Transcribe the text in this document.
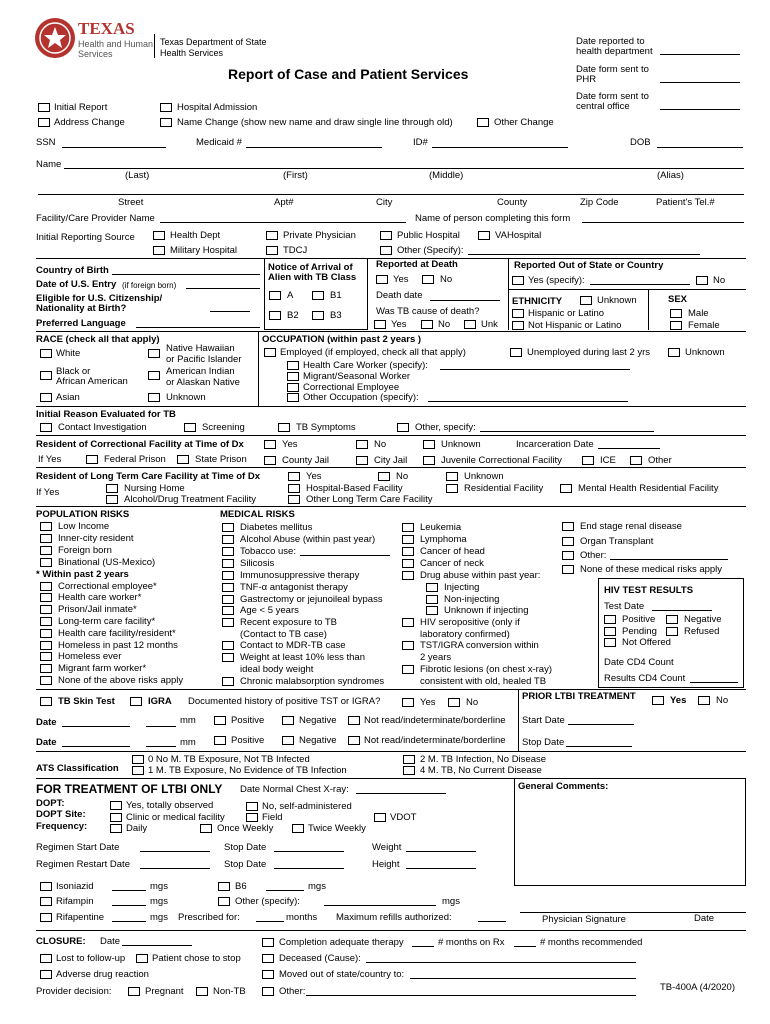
TEXAS
Health and Human
Services
Texas Department of State
Health Services
Report of Case and Patient Services
Date reported to
health department
Date form sent to
PHR
Date form sent to
central office
Initial Report	Hospital Admission
Address Change	Name Change (show new name and draw single line through old)	Other Change
SSN	Medicaid #	ID#	DOB
Name
(Last)	(First)	(Middle)	(Alias)
Street	Apt#	City	County	Zip Code	Patient's Tel.#
Facility/Care Provider Name	Name of person completing this form
Initial Reporting Source	Health Dept
Military Hospital
Private Physician
TDCJ
Public Hospital	VAHospital
Other (Specify):
Country of Birth
Date of U.S. Entry (if foreign born)
Eligible for U.S. Citizenship/
Nationality at Birth?
Preferred Language
Notice of Arrival of
Alien with TB Class
A	B1
B2	B3
Reported at Death
Yes	No
Death date
Was TB cause of death?
Yes	No	Unk
Reported Out of State or Country
Yes (specify):	No
ETHNICITY	Unknown
Hispanic or Latino
Not Hispanic or Latino
SEX
Male
Female
RACE (check all that apply)
White	Native Hawaiian
or Pacific Islander
Black or
African American
American Indian
or Alaskan Native
Asian	Unknown
OCCUPATION (within past 2 years )
Employed (if employed, check all that apply)	Unemployed during last 2 yrs	Unknown
Health Care Worker (specify):
Migrant/Seasonal Worker
Correctional Employee
Other Occupation (specify):
Initial Reason Evaluated for TB
Contact Investigation	Screening	TB Symptoms	Other, specify:
Resident of Correctional Facility at Time of Dx	Yes	No	Unknown	Incarceration Date
If Yes	Federal Prison	State Prison	County Jail	City Jail	Juvenile Correctional Facility	ICE	Other
Resident of Long Term Care Facility at Time of Dx	Yes	No	Unknown
If Yes	Nursing Home	Hospital-Based Facility	Residential Facility	Mental Health Residential Facility
Alcohol/Drug Treatment Facility	Other Long Term Care Facility
POPULATION RISKS
Low Income
Inner-city resident
Foreign born
Binational (US-Mexico)
* Within past 2 years
Correctional employee*
Health care worker*
Prison/Jail inmate*
Long-term care facility*
Health care facility/resident*
Homeless in past 12 months
Homeless ever
Migrant farm worker*
None of the above risks apply
MEDICAL RISKS
Diabetes mellitus
Alcohol Abuse (within past year)
Tobacco use:
Silicosis
Immunosuppressive therapy
TNF-α antagonist therapy
Gastrectomy or jejunoileal bypass
Age < 5 years
Recent exposure to TB
(Contact to TB case)
Contact to MDR-TB case
Weight at least 10% less than
ideal body weight
Chronic malabsorption syndromes
Leukemia
Lymphoma
Cancer of head
Cancer of neck
Drug abuse within past year:
Injecting
Non-injecting
Unknown if injecting
HIV seropositive (only if
laboratory confirmed)
TST/IGRA conversion within
2 years
Fibrotic lesions (on chest x-ray)
consistent with old, healed TB
End stage renal disease
Organ Transplant
Other:
None of these medical risks apply
HIV TEST RESULTS
Test Date
Positive	Negative
Pending	Refused
Not Offered
Date CD4 Count
Results CD4 Count
TB Skin Test	IGRA Documented history of positive TST or IGRA?	Yes	No
PRIOR LTBI TREATMENT	Yes	No
Date	mm	Positive	Negative	Not read/indeterminate/borderline Start Date
Date	mm	Positive	Negative	Not read/indeterminate/borderline Stop Date
ATS Classification
0 No M. TB Exposure, Not TB Infected
1 M. TB Exposure, No Evidence of TB Infection
2 M. TB Infection, No Disease
4 M. TB, No Current Disease
FOR TREATMENT OF LTBI ONLY Date Normal Chest X-ray:	General Comments:
DOPT:
DOPT Site:
Frequency:
Yes, totally observed	No, self-administered
Clinic or medical facility	Field	VDOT
Daily	Once Weekly	Twice Weekly
Regimen Start Date	Stop Date	Weight
Regimen Restart Date	Stop Date	Height
Isoniazid	mgs	B6	mgs
Rifampin	mgs	Other (specify):	mgs
Rifapentine	mgs Prescribed for:	months Maximum refills authorized:	Physician Signature	Date
CLOSURE: Date	Completion adequate therapy	# months on Rx	# months recommended
Lost to follow-up	Patient chose to stop	Deceased (Cause):
Adverse drug reaction	Moved out of state/country to:
Provider decision:	Pregnant	Non-TB	Other:	TB-400A (4/2020)
